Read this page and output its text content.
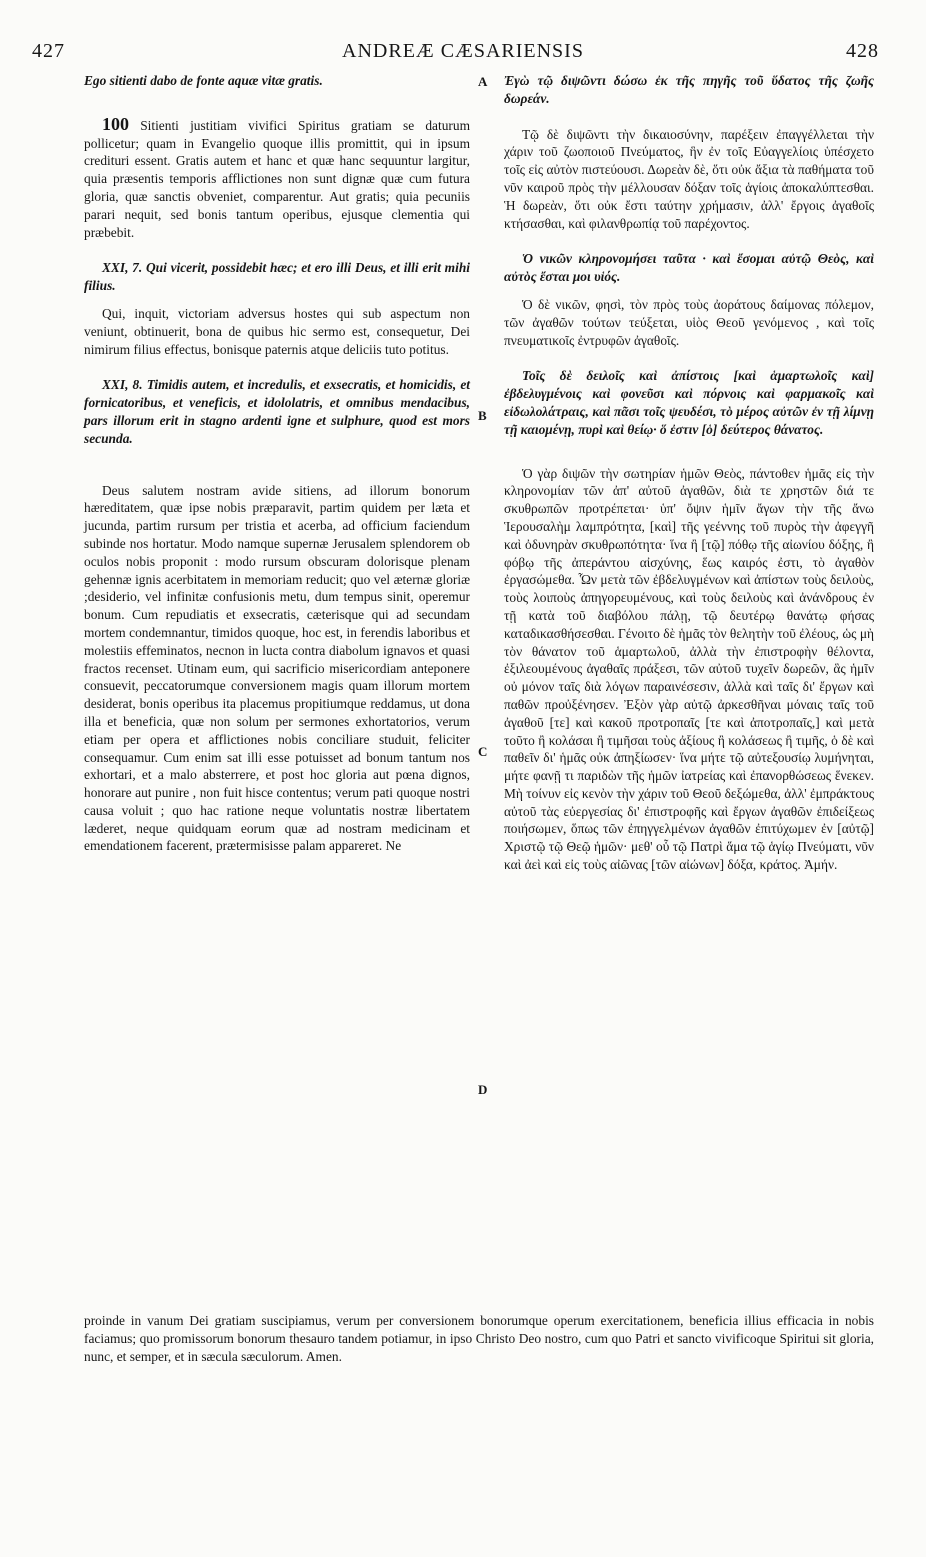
427	ANDREÆ CÆSARIENSIS	428
A
B
C
D

Ego sitienti dabo de fonte aquæ vitæ gratis.

100 Sitienti justitiam vivifici Spiritus gratiam se daturum pollicetur; quam in Evangelio quoque illis promittit, qui in ipsum credituri essent. Gratis autem et hanc et quæ hanc sequuntur largitur, quia præsentis temporis afflictiones non sunt dignæ quæ cum futura gloria, quæ sanctis obveniet, comparentur. Aut gratis; quia pecuniis parari nequit, sed bonis tantum operibus, ejusque clementia qui præbebit.

XXI, 7. Qui vicerit, possidebit hæc; et ero illi Deus, et illi erit mihi filius.

Qui, inquit, victoriam adversus hostes qui sub aspectum non veniunt, obtinuerit, bona de quibus hic sermo est, consequetur, Dei nimirum filius effectus, bonisque paternis atque deliciis tuto potitus.

XXI, 8. Timidis autem, et incredulis, et exsecratis, et homicidis, et fornicatoribus, et veneficis, et idololatris, et omnibus mendacibus, pars illorum erit in stagno ardenti igne et sulphure, quod est mors secunda.

Deus salutem nostram avide sitiens, ad illorum bonorum hæreditatem, quæ ipse nobis præparavit, partim quidem per læta et jucunda, partim rursum per tristia et acerba, ad officium faciendum subinde nos hortatur. Modo namque supernæ Jerusalem splendorem ob oculos nobis proponit : modo rursum obscuram dolorisque plenam gehennæ ignis acerbitatem in memoriam reducit; quo vel æternæ gloriæ ;desiderio, vel infinitæ confusionis metu, dum tempus sinit, operemur bonum. Cum repudiatis et exsecratis, cæterisque qui ad secundam mortem condemnantur, timidos quoque, hoc est, in ferendis laboribus et molestiis effeminatos, necnon in lucta contra diabolum ignavos et quasi fractos recenset. Utinam eum, qui sacrificio misericordiam anteponere consuevit, peccatorumque conversionem magis quam illorum mortem desiderat, bonis operibus ita placemus propitiumque reddamus, ut dona illa et beneficia, quæ non solum per sermones exhortatorios, verum etiam per opera et afflictiones nobis conciliare studuit, feliciter consequamur. Cum enim sat illi esse potuisset ad bonum tantum nos exhortari, et a malo absterrere, et post hoc gloria aut pœna dignos, honorare aut punire , non fuit hisce contentus; verum pati quoque nostri causa voluit ; quo hac ratione neque voluntatis nostræ libertatem læderet, neque quidquam eorum quæ ad nostram medicinam et emendationem facerent, prætermisisse palam appareret. Ne

Ἐγὼ τῷ διψῶντι δώσω ἐκ τῆς πηγῆς τοῦ ὕδατος τῆς ζωῆς δωρεάν.

Τῷ δὲ διψῶντι τὴν δικαιοσύνην, παρέξειν ἐπαγγέλλεται τὴν χάριν τοῦ ζωοποιοῦ Πνεύματος, ἣν ἐν τοῖς Εὐαγγελίοις ὑπέσχετο τοῖς εἰς αὐτὸν πιστεύουσι. Δωρεὰν δὲ, ὅτι οὐκ ἄξια τὰ παθήματα τοῦ νῦν καιροῦ πρὸς τὴν μέλλουσαν δόξαν τοῖς ἁγίοις ἀποκαλύπτεσθαι. Ἡ δωρεὰν, ὅτι οὐκ ἔστι ταύτην χρήμασιν, ἀλλ' ἔργοις ἀγαθοῖς κτήσασθαι, καὶ φιλανθρωπίᾳ τοῦ παρέχοντος.

Ὁ νικῶν κληρονομήσει ταῦτα · καὶ ἔσομαι αὐτῷ Θεὸς, καὶ αὐτὸς ἔσται μοι υἱός.

Ὁ δὲ νικῶν, φησὶ, τὸν πρὸς τοὺς ἀοράτους δαίμονας πόλεμον, τῶν ἀγαθῶν τούτων τεύξεται, υἱὸς Θεοῦ γενόμενος , καὶ τοῖς πνευματικοῖς ἐντρυφῶν ἀγαθοῖς.

Τοῖς δὲ δειλοῖς καὶ ἀπίστοις [καὶ ἁμαρτωλοῖς καὶ] ἐβδελυγμένοις καὶ φονεῦσι καὶ πόρνοις καὶ φαρμακοῖς καὶ εἰδωλολάτραις, καὶ πᾶσι τοῖς ψευδέσι, τὸ μέρος αὐτῶν ἐν τῇ λίμνῃ τῇ καιομένῃ, πυρὶ καὶ θείῳ· ὅ ἐστιν [ὁ] δεύτερος θάνατος.

Ὁ γὰρ διψῶν τὴν σωτηρίαν ἡμῶν Θεὸς, πάντοθεν ἡμᾶς εἰς τὴν κληρονομίαν τῶν ἀπ' αὐτοῦ ἀγαθῶν, διὰ τε χρηστῶν διά τε σκυθρωπῶν προτρέπεται· ὑπ' ὄψιν ἡμῖν ἄγων τὴν τῆς ἄνω Ἱερουσαλὴμ λαμπρότητα, [καὶ] τῆς γεέννης τοῦ πυρὸς τὴν ἀφεγγῆ καὶ ὀδυνηρὰν σκυθρωπότητα· ἵνα ἢ [τῷ] πόθῳ τῆς αἰωνίου δόξης, ἢ φόβῳ τῆς ἀπεράντου αἰσχύνης, ἕως καιρός ἐστι, τὸ ἀγαθὸν ἐργασώμεθα. Ὧν μετὰ τῶν ἐβδελυγμένων καὶ ἀπίστων τοὺς δειλοὺς, τοὺς λοιποὺς ἀπηγορευμένους, καὶ τοὺς δειλοὺς καὶ ἀνάνδρους ἐν τῇ κατὰ τοῦ διαβόλου πάλῃ, τῷ δευτέρῳ θανάτῳ φήσας καταδικασθήσεσθαι. Γένοιτο δὲ ἡμᾶς τὸν θελητὴν τοῦ ἐλέους, ὡς μὴ τὸν θάνατον τοῦ ἁμαρτωλοῦ, ἀλλὰ τὴν ἐπιστροφὴν θέλοντα, ἐξιλεουμένους ἀγαθαῖς πράξεσι, τῶν αὐτοῦ τυχεῖν δωρεῶν, ἃς ἡμῖν οὐ μόνον ταῖς διὰ λόγων παραινέσεσιν, ἀλλὰ καὶ ταῖς δι' ἔργων καὶ παθῶν προὐξένησεν. Ἐξὸν γὰρ αὐτῷ ἀρκεσθῆναι μόναις ταῖς τοῦ ἀγαθοῦ [τε] καὶ κακοῦ προτροπαῖς [τε καὶ ἀποτροπαῖς,] καὶ μετὰ τοῦτο ἢ κολάσαι ἢ τιμῆσαι τοὺς ἀξίους ἢ κολάσεως ἢ τιμῆς, ὁ δὲ καὶ παθεῖν δι' ἡμᾶς οὐκ ἀπηξίωσεν· ἵνα μήτε τῷ αὐτεξουσίῳ λυμήνηται, μήτε φανῇ τι παριδὼν τῆς ἡμῶν ἰατρείας καὶ ἐπανορθώσεως ἕνεκεν. Μὴ τοίνυν εἰς κενὸν τὴν χάριν τοῦ Θεοῦ δεξώμεθα, ἀλλ' ἐμπράκτους αὐτοῦ τὰς εὐεργεσίας δι' ἐπιστροφῆς καὶ ἔργων ἀγαθῶν ἐπιδείξεως ποιήσωμεν, ὅπως τῶν ἐπηγγελμένων ἀγαθῶν ἐπιτύχωμεν ἐν [αὐτῷ] Χριστῷ τῷ Θεῷ ἡμῶν· μεθ' οὗ τῷ Πατρὶ ἅμα τῷ ἁγίῳ Πνεύματι, νῦν καὶ ἀεὶ καὶ εἰς τοὺς αἰῶνας [τῶν αἰώνων] δόξα, κράτος. Ἀμήν.

proinde in vanum Dei gratiam suscipiamus, verum per conversionem bonorumque operum exercitationem, beneficia illius efficacia in nobis faciamus; quo promissorum bonorum thesauro tandem potiamur, in ipso Christo Deo nostro, cum quo Patri et sancto vivificoque Spiritui sit gloria, nunc, et semper, et in sæcula sæculorum. Amen.
